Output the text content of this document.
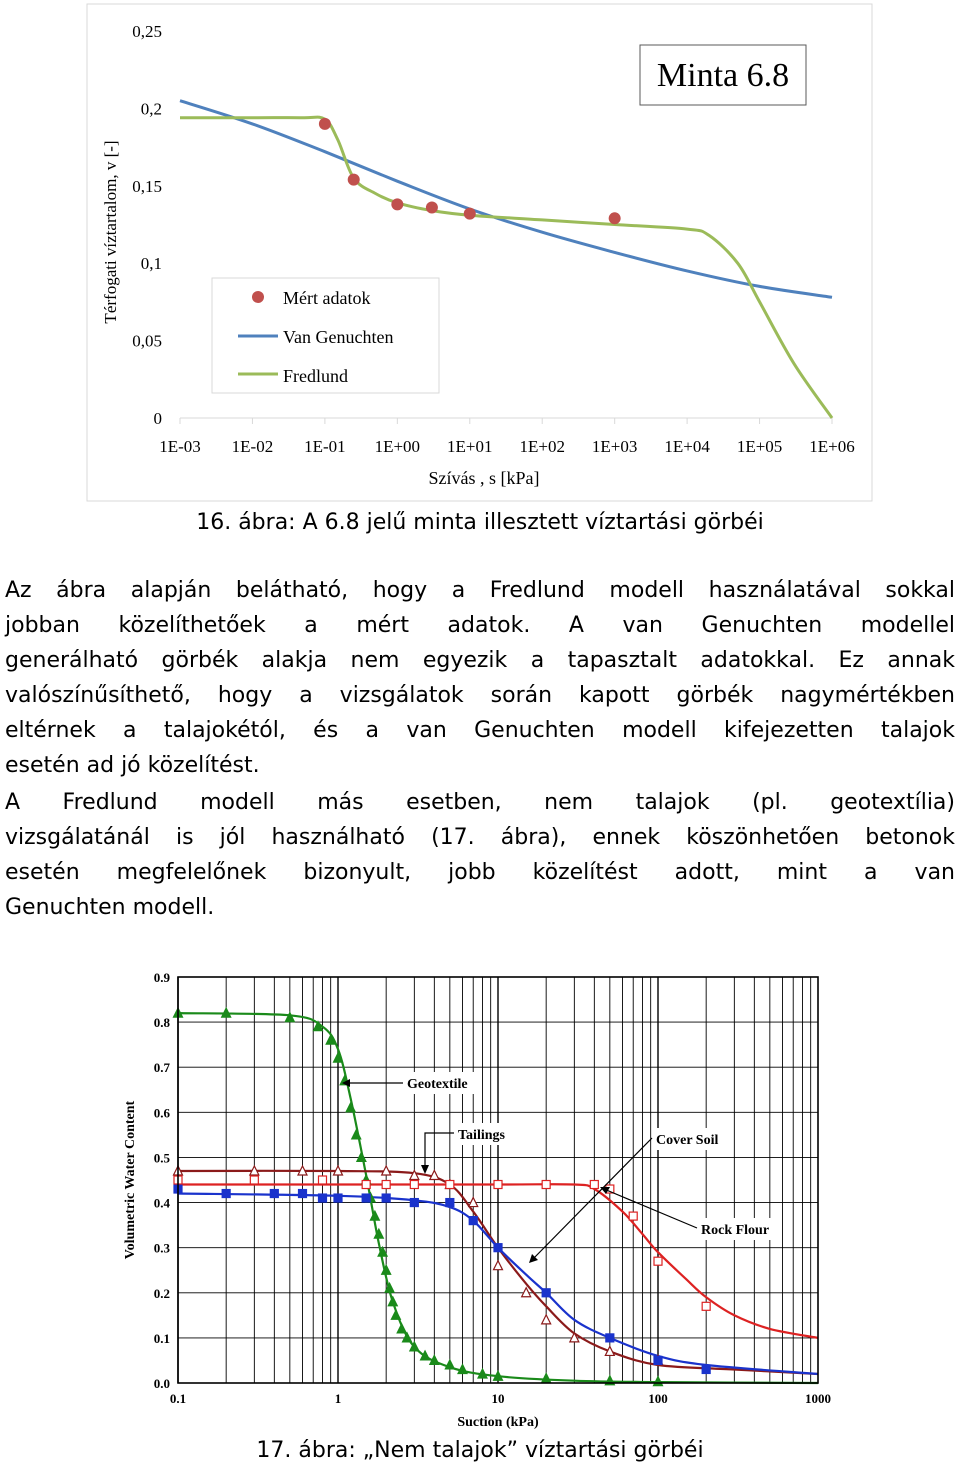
0
0,05
0,1
0,15
0,2
0,25
1E-03 1E-02 1E-01 1E+00 1E+01 1E+02 1E+03 1E+04 1E+05 1E+06
Minta 6.8
Térfogati víztartalom, v [-]
Szívás , s [kPa]
Mért adatok
Van Genuchten
Fredlund
16. ábra: A 6.8 jelű minta illesztett víztartási görbéi
Az ábra alapján belátható, hogy a Fredlund modell használatával sokkal
jobban közelíthetőek a mért adatok. A van Genuchten modellel
generálható görbék alakja nem egyezik a tapasztalt adatokkal. Ez annak
valószínűsíthető, hogy a vizsgálatok során kapott görbék nagymértékben
eltérnek a talajokétól, és a van Genuchten modell kifejezetten talajok
esetén ad jó közelítést.
A Fredlund modell más esetben, nem talajok (pl. geotextília)
vizsgálatánál is jól használható (17. ábra), ennek köszönhetően betonok
esetén megfelelőnek bizonyult, jobb közelítést adott, mint a van
Genuchten modell.
0.0
0.1
0.2
0.3
0.4
0.5
0.6
0.7
0.8
0.9
0.1	1	10	100	1000
Volumetric Water Content
Suction (kPa)
Geotextile
Tailings	Cover Soil
Rock Flour
17. ábra: „Nem talajok” víztartási görbéi
